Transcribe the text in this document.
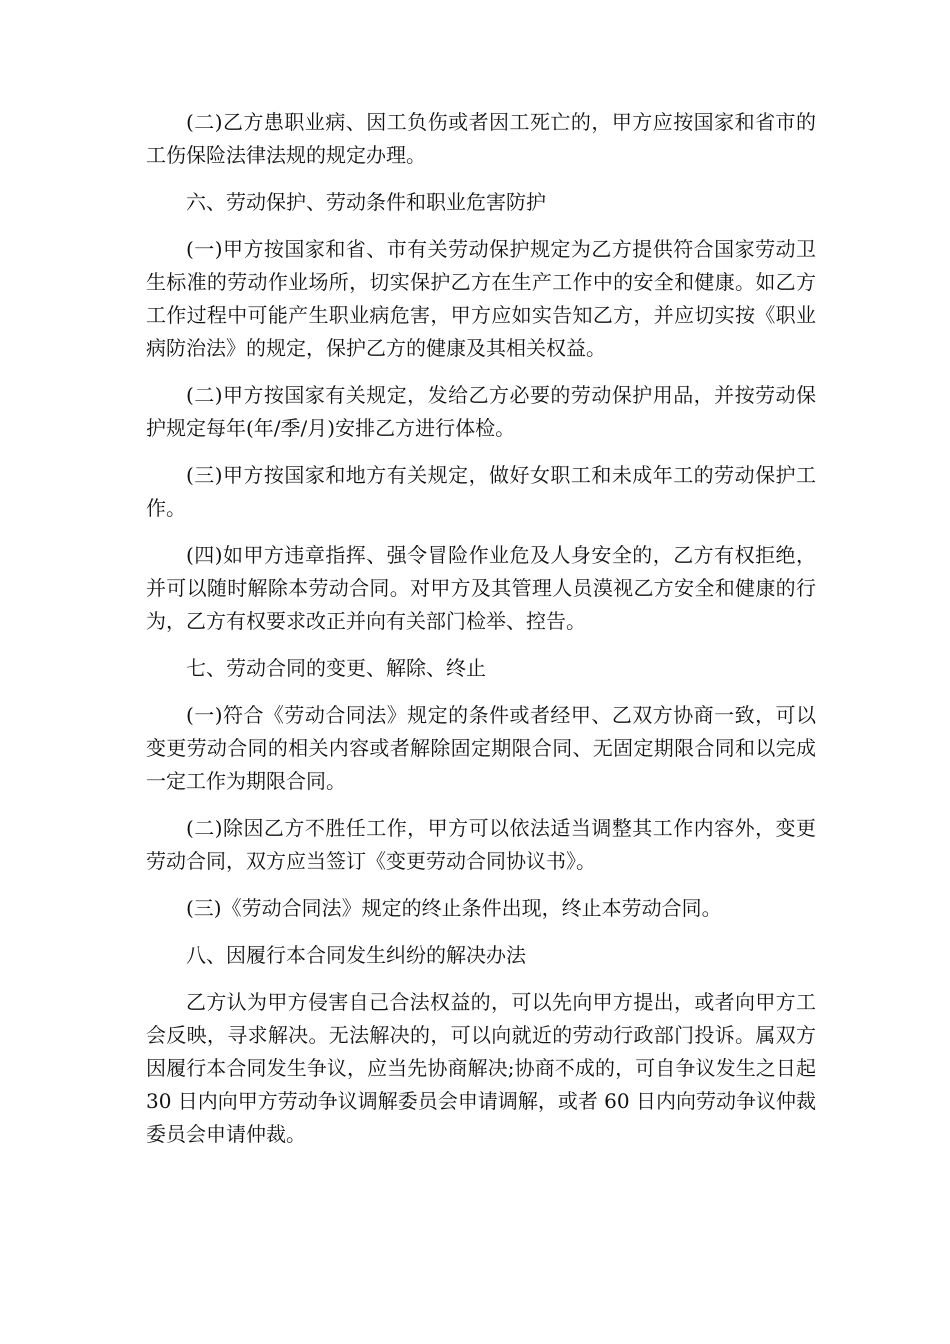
(二)乙方患职业病、因工负伤或者因工死亡的，甲方应按国家和省市的工伤保险法律法规的规定办理。

六、劳动保护、劳动条件和职业危害防护

(一)甲方按国家和省、市有关劳动保护规定为乙方提供符合国家劳动卫生标准的劳动作业场所，切实保护乙方在生产工作中的安全和健康。如乙方工作过程中可能产生职业病危害，甲方应如实告知乙方，并应切实按《职业病防治法》的规定，保护乙方的健康及其相关权益。

(二)甲方按国家有关规定，发给乙方必要的劳动保护用品，并按劳动保护规定每年(年/季/月)安排乙方进行体检。

(三)甲方按国家和地方有关规定，做好女职工和未成年工的劳动保护工作。

(四)如甲方违章指挥、强令冒险作业危及人身安全的，乙方有权拒绝，并可以随时解除本劳动合同。对甲方及其管理人员漠视乙方安全和健康的行为，乙方有权要求改正并向有关部门检举、控告。

七、劳动合同的变更、解除、终止

(一)符合《劳动合同法》规定的条件或者经甲、乙双方协商一致，可以变更劳动合同的相关内容或者解除固定期限合同、无固定期限合同和以完成一定工作为期限合同。

(二)除因乙方不胜任工作，甲方可以依法适当调整其工作内容外，变更劳动合同，双方应当签订《变更劳动合同协议书》。

(三)《劳动合同法》规定的终止条件出现，终止本劳动合同。

八、因履行本合同发生纠纷的解决办法

乙方认为甲方侵害自己合法权益的，可以先向甲方提出，或者向甲方工会反映，寻求解决。无法解决的，可以向就近的劳动行政部门投诉。属双方因履行本合同发生争议，应当先协商解决;协商不成的，可自争议发生之日起 30 日内向甲方劳动争议调解委员会申请调解，或者 60 日内向劳动争议仲裁委员会申请仲裁。
